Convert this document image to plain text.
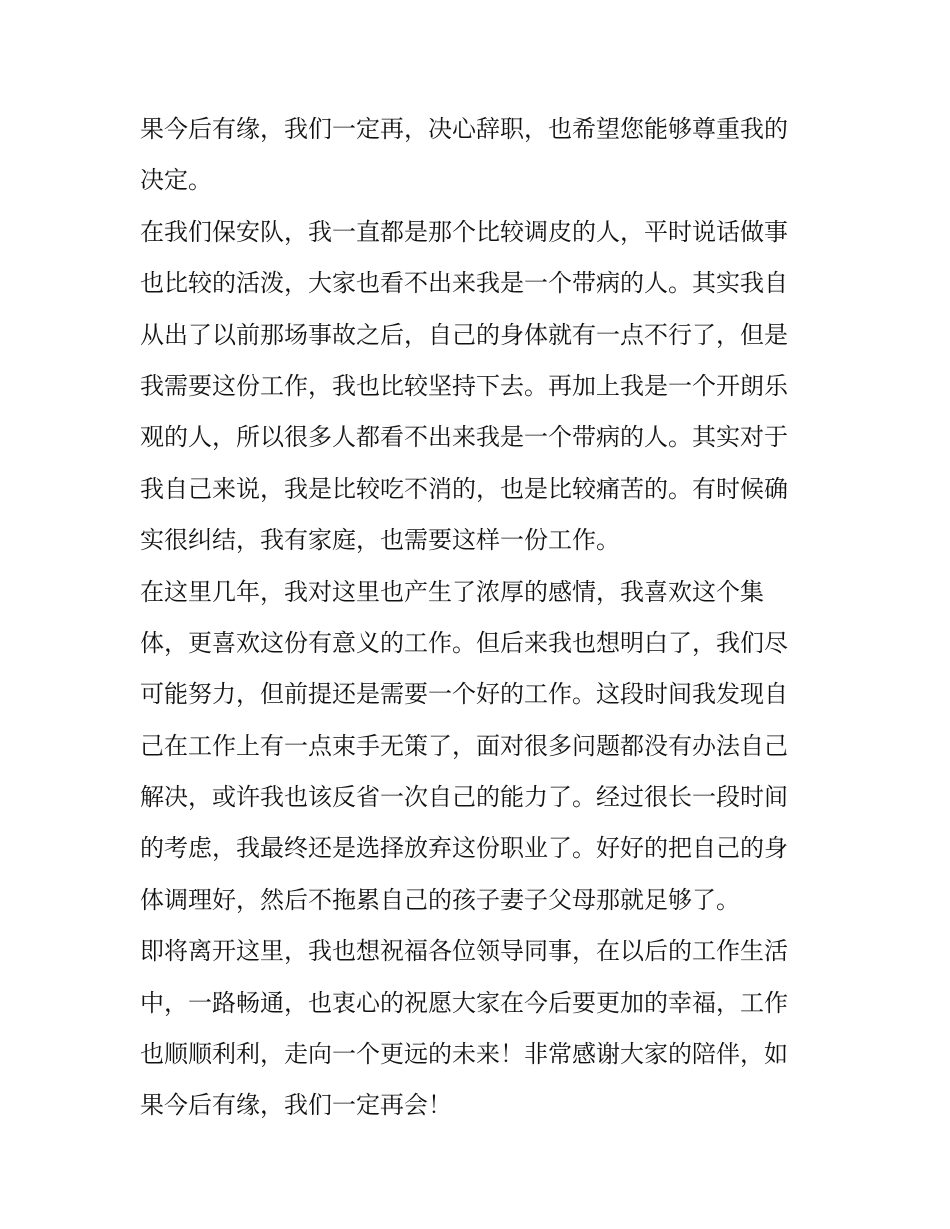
果今后有缘，我们一定再，决心辞职，也希望您能够尊重我的
决定。
在我们保安队，我一直都是那个比较调皮的人，平时说话做事
也比较的活泼，大家也看不出来我是一个带病的人。其实我自
从出了以前那场事故之后，自己的身体就有一点不行了，但是
我需要这份工作，我也比较坚持下去。再加上我是一个开朗乐
观的人，所以很多人都看不出来我是一个带病的人。其实对于
我自己来说，我是比较吃不消的，也是比较痛苦的。有时候确
实很纠结，我有家庭，也需要这样一份工作。
在这里几年，我对这里也产生了浓厚的感情，我喜欢这个集
体，更喜欢这份有意义的工作。但后来我也想明白了，我们尽
可能努力，但前提还是需要一个好的工作。这段时间我发现自
己在工作上有一点束手无策了，面对很多问题都没有办法自己
解决，或许我也该反省一次自己的能力了。经过很长一段时间
的考虑，我最终还是选择放弃这份职业了。好好的把自己的身
体调理好，然后不拖累自己的孩子妻子父母那就足够了。
即将离开这里，我也想祝福各位领导同事，在以后的工作生活
中，一路畅通，也衷心的祝愿大家在今后要更加的幸福，工作
也顺顺利利，走向一个更远的未来！非常感谢大家的陪伴，如
果今后有缘，我们一定再会！
